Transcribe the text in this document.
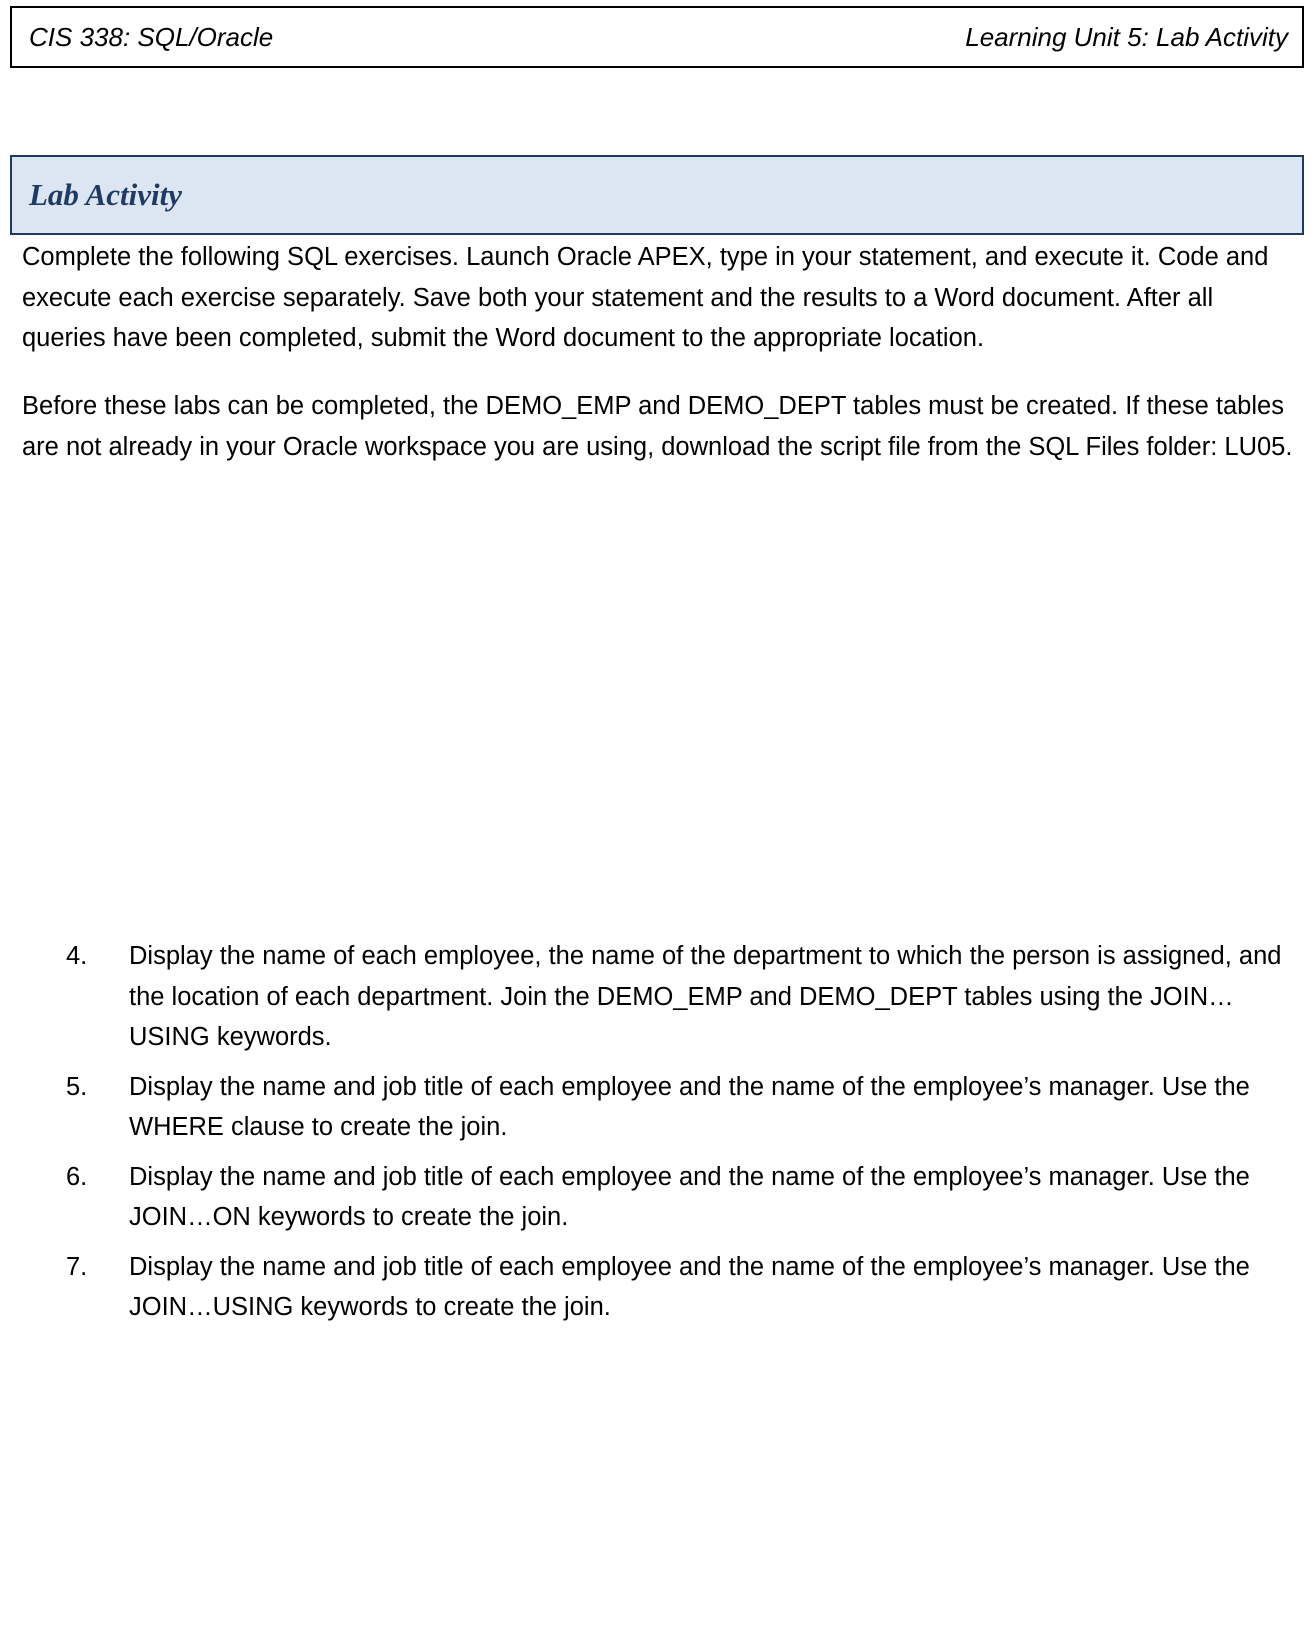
CIS 338: SQL/Oracle	Learning Unit 5: Lab Activity
Lab Activity

Complete the following SQL exercises. Launch Oracle APEX, type in your statement, and execute it. Code and execute each exercise separately. Save both your statement and the results to a Word document. After all queries have been completed, submit the Word document to the appropriate location.

Before these labs can be completed, the DEMO_EMP and DEMO_DEPT tables must be created. If these tables are not already in your Oracle workspace you are using, download the script file from the SQL Files folder: LU05.

4.	Display the name of each employee, the name of the department to which the person is assigned, and the location of each department. Join the DEMO_EMP and DEMO_DEPT tables using the JOIN…USING keywords.
5.	Display the name and job title of each employee and the name of the employee’s manager. Use the WHERE clause to create the join.
6.	Display the name and job title of each employee and the name of the employee’s manager. Use the JOIN…ON keywords to create the join.
7.	Display the name and job title of each employee and the name of the employee’s manager. Use the JOIN…USING keywords to create the join.
